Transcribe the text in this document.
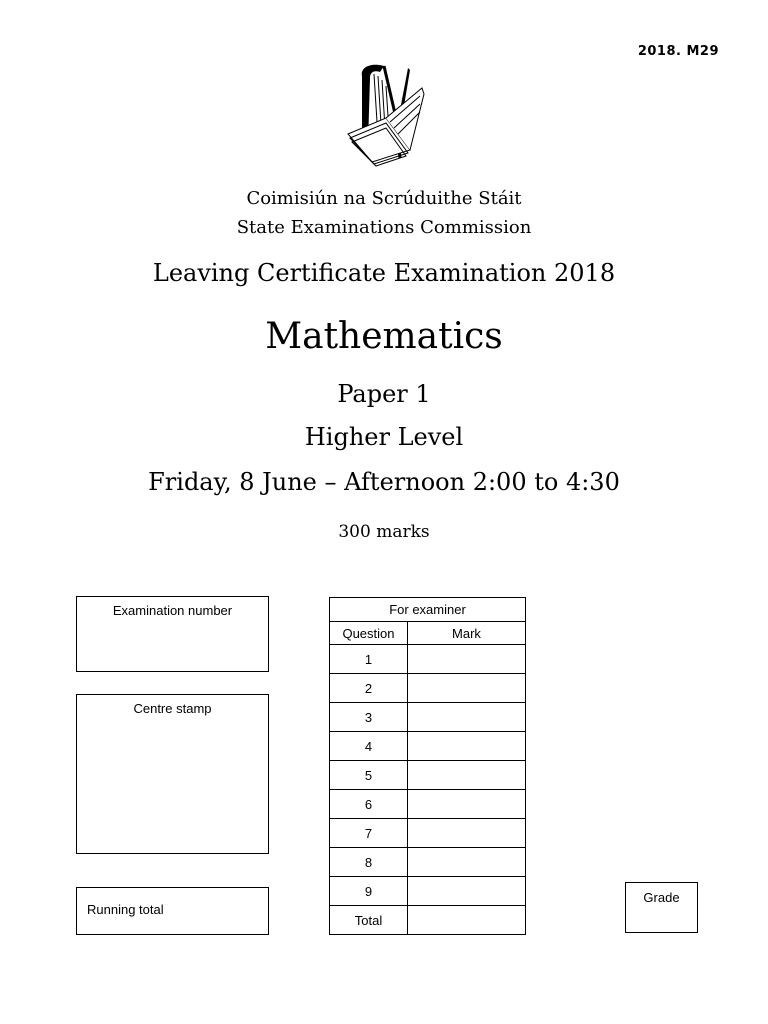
2018. M29
Coimisiún na Scrúduithe Stáit
State Examinations Commission
Leaving Certificate Examination 2018
Mathematics
Paper 1
Higher Level
Friday, 8 June – Afternoon 2:00 to 4:30
300 marks
Examination number
Centre stamp
Running total
For examiner	
Question	Mark
1	
2	
3	
4	
5	
6	
7	
8	
9	
Total	
Grade
